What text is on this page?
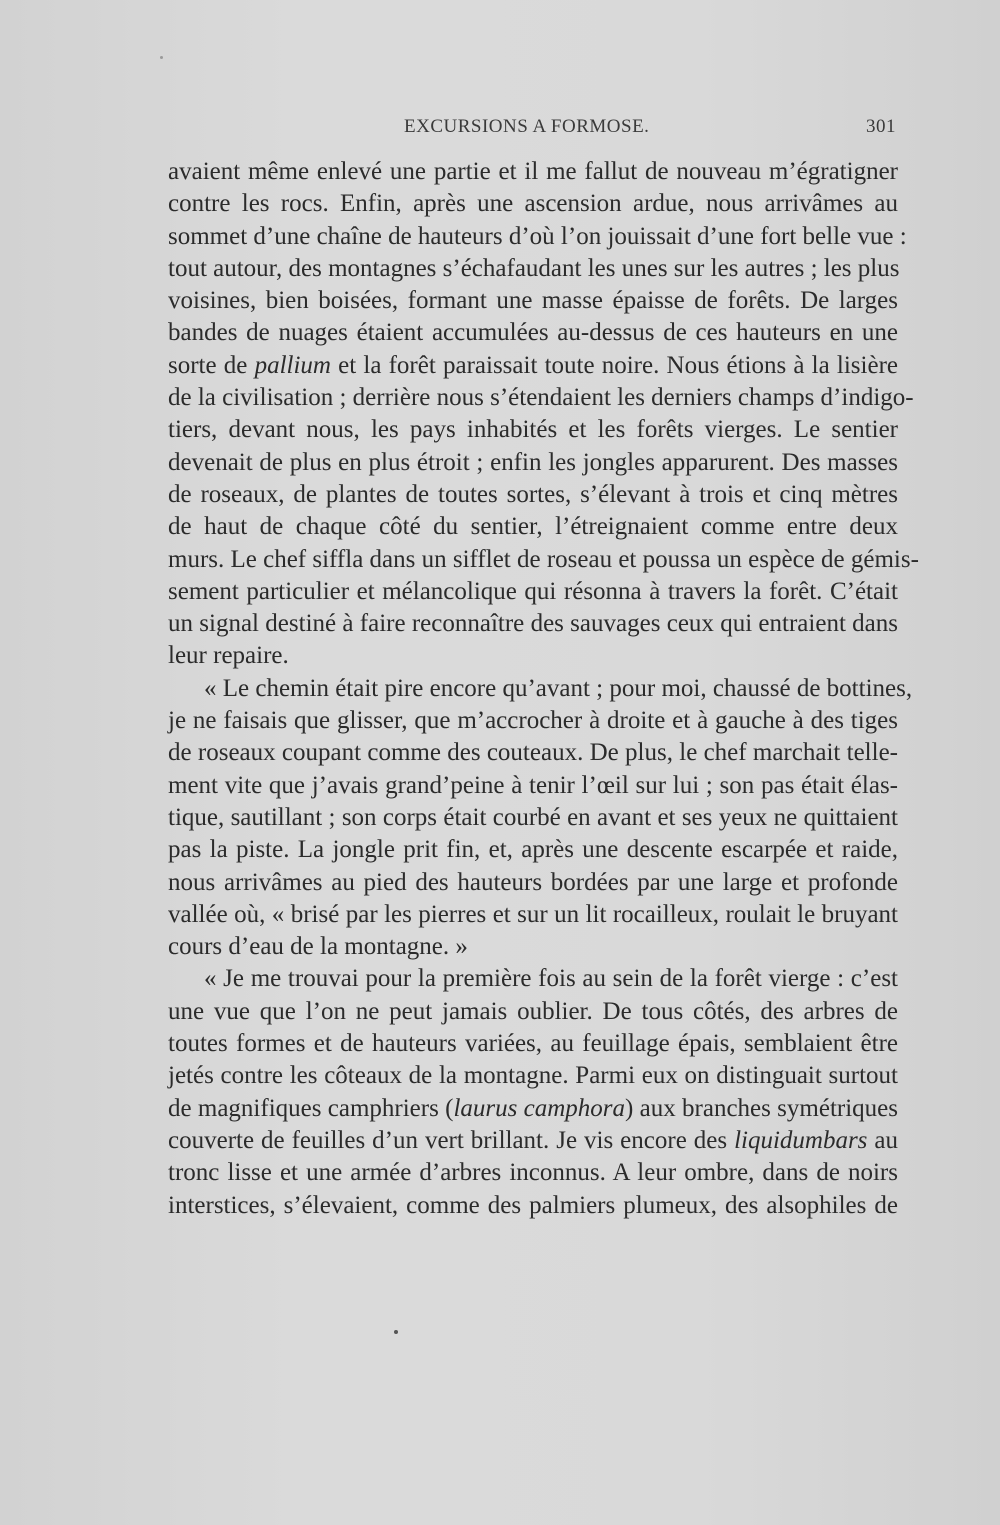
EXCURSIONS A FORMOSE.	301
avaient même enlevé une partie et il me fallut de nouveau m’égratigner
contre les rocs. Enfin, après une ascension ardue, nous arrivâmes au
sommet d’une chaîne de hauteurs d’où l’on jouissait d’une fort belle vue :
tout autour, des montagnes s’échafaudant les unes sur les autres ; les plus
voisines, bien boisées, formant une masse épaisse de forêts. De larges
bandes de nuages étaient accumulées au-dessus de ces hauteurs en une
sorte de pallium et la forêt paraissait toute noire. Nous étions à la lisière
de la civilisation ; derrière nous s’étendaient les derniers champs d’indigo-
tiers, devant nous, les pays inhabités et les forêts vierges. Le sentier
devenait de plus en plus étroit ; enfin les jongles apparurent. Des masses
de roseaux, de plantes de toutes sortes, s’élevant à trois et cinq mètres
de haut de chaque côté du sentier, l’étreignaient comme entre deux
murs. Le chef siffla dans un sifflet de roseau et poussa un espèce de gémis-
sement particulier et mélancolique qui résonna à travers la forêt. C’était
un signal destiné à faire reconnaître des sauvages ceux qui entraient dans
leur repaire.
« Le chemin était pire encore qu’avant ; pour moi, chaussé de bottines,
je ne faisais que glisser, que m’accrocher à droite et à gauche à des tiges
de roseaux coupant comme des couteaux. De plus, le chef marchait telle-
ment vite que j’avais grand’peine à tenir l’œil sur lui ; son pas était élas-
tique, sautillant ; son corps était courbé en avant et ses yeux ne quittaient
pas la piste. La jongle prit fin, et, après une descente escarpée et raide,
nous arrivâmes au pied des hauteurs bordées par une large et profonde
vallée où, « brisé par les pierres et sur un lit rocailleux, roulait le bruyant
cours d’eau de la montagne. »
« Je me trouvai pour la première fois au sein de la forêt vierge : c’est
une vue que l’on ne peut jamais oublier. De tous côtés, des arbres de
toutes formes et de hauteurs variées, au feuillage épais, semblaient être
jetés contre les côteaux de la montagne. Parmi eux on distinguait surtout
de magnifiques camphriers (laurus camphora) aux branches symétriques
couverte de feuilles d’un vert brillant. Je vis encore des liquidumbars au
tronc lisse et une armée d’arbres inconnus. A leur ombre, dans de noirs
interstices, s’élevaient, comme des palmiers plumeux, des alsophiles de
